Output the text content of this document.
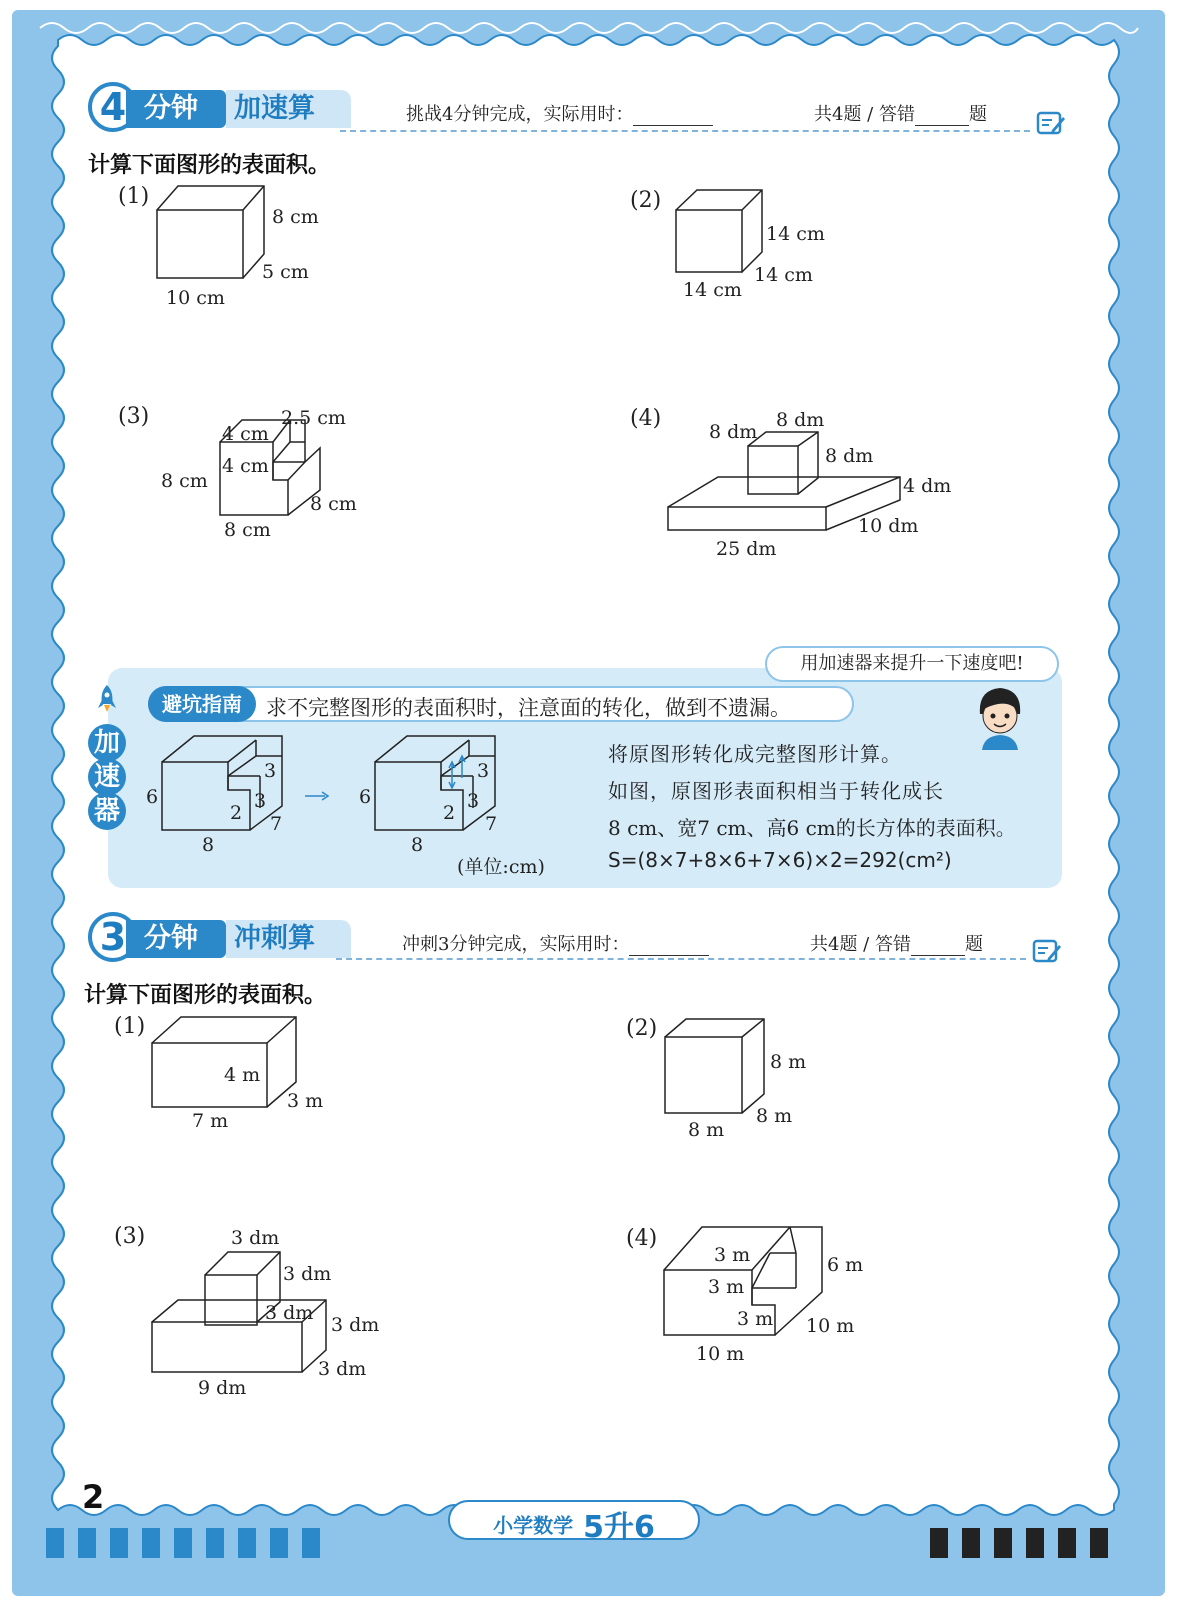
4 分钟	加速算	挑战4分钟完成，实际用时：	共4题 / 答错	题
计算下面图形的表面积。
(1)
8 cm
5 cm
10 cm
(2)
14 cm
14 cm
14 cm
(3)	2.5 cm
4 cm
4 cm
8 cm
8 cm
8 cm
(4)
8 dm
8 dm
8 dm
4 dm
10 dm
25 dm
用加速器来提升一下速度吧!
避坑指南	求不完整图形的表面积时，注意面的转化，做到不遗漏。
加
速
器	6
8
7
3
3
2
6
8
7
3
3
2
(单位:cm)
将原图形转化成完整图形计算。
如图，原图形表面积相当于转化成长
8 cm、宽7 cm、高6 cm的长方体的表面积。
S=(8×7+8×6+7×6)×2=292(cm²)
3 分钟	冲刺算	冲刺3分钟完成，实际用时：	共4题 / 答错	题
计算下面图形的表面积。
(1)
4 m
3 m
7 m
(2)
8 m
8 m
8 m
(3)	3 dm
3 dm
3 dm
3 dm
3 dm
9 dm
(4)
3 m
3 m
3 m
6 m
10 m
10 m
2
小学数学 5升6
